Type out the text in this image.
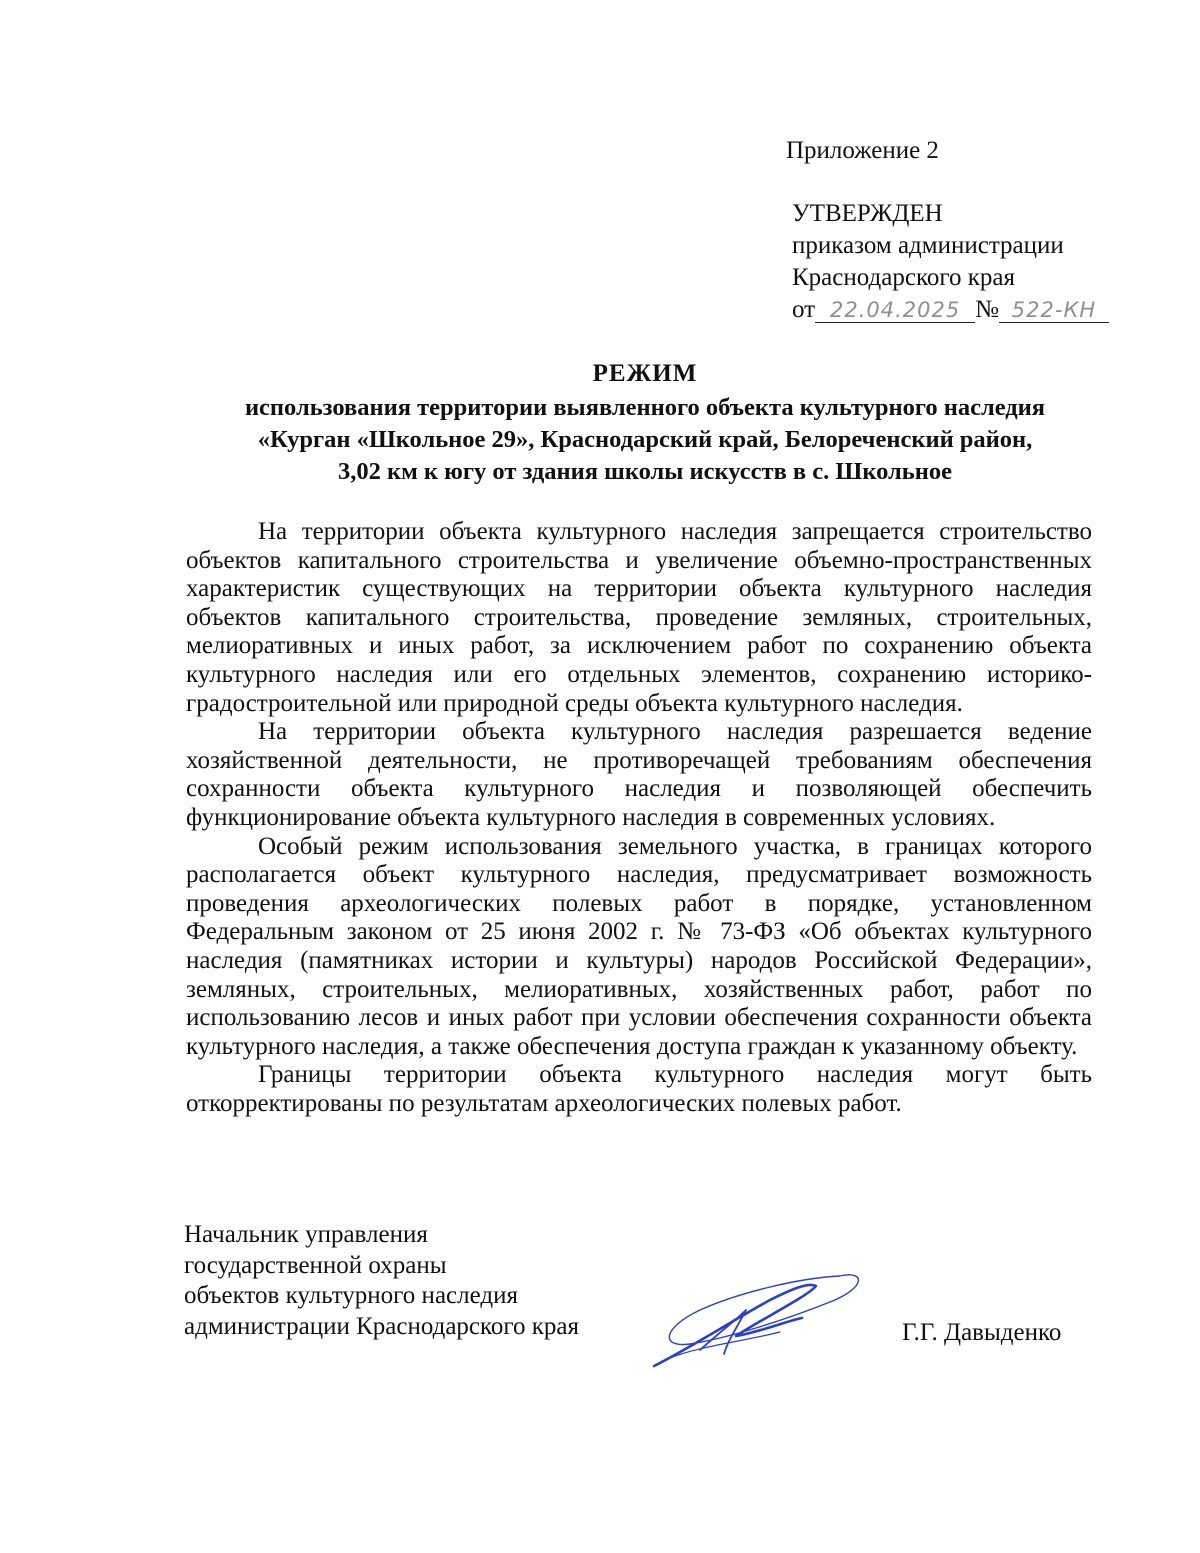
Приложение 2
УТВЕРЖДЕН
приказом администрации
Краснодарского края
от 22.04.2025 № 522-КН
РЕЖИМ
использования территории выявленного объекта культурного наследия
«Курган «Школьное 29», Краснодарский край, Белореченский район,
3,02 км к югу от здания школы искусств в с. Школьное

На территории объекта культурного наследия запрещается строительство объектов капитального строительства и увеличение объемно-пространственных характеристик существующих на территории объекта культурного наследия объектов капитального строительства, проведение земляных, строительных, мелиоративных и иных работ, за исключением работ по сохранению объекта культурного наследия или его отдельных элементов, сохранению историко-градостроительной или природной среды объекта культурного наследия.

На территории объекта культурного наследия разрешается ведение хозяйственной деятельности, не противоречащей требованиям обеспечения сохранности объекта культурного наследия и позволяющей обеспечить функционирование объекта культурного наследия в современных условиях.

Особый режим использования земельного участка, в границах которого располагается объект культурного наследия, предусматривает возможность проведения археологических полевых работ в порядке, установленном Федеральным законом от 25 июня 2002 г. № 73-ФЗ «Об объектах культурного наследия (памятниках истории и культуры) народов Российской Федерации», земляных, строительных, мелиоративных, хозяйственных работ, работ по использованию лесов и иных работ при условии обеспечения сохранности объекта культурного наследия, а также обеспечения доступа граждан к указанному объекту.

Границы территории объекта культурного наследия могут быть откорректированы по результатам археологических полевых работ.

Начальник управления
государственной охраны
объектов культурного наследия
администрации Краснодарского края	Г.Г. Давыденко
